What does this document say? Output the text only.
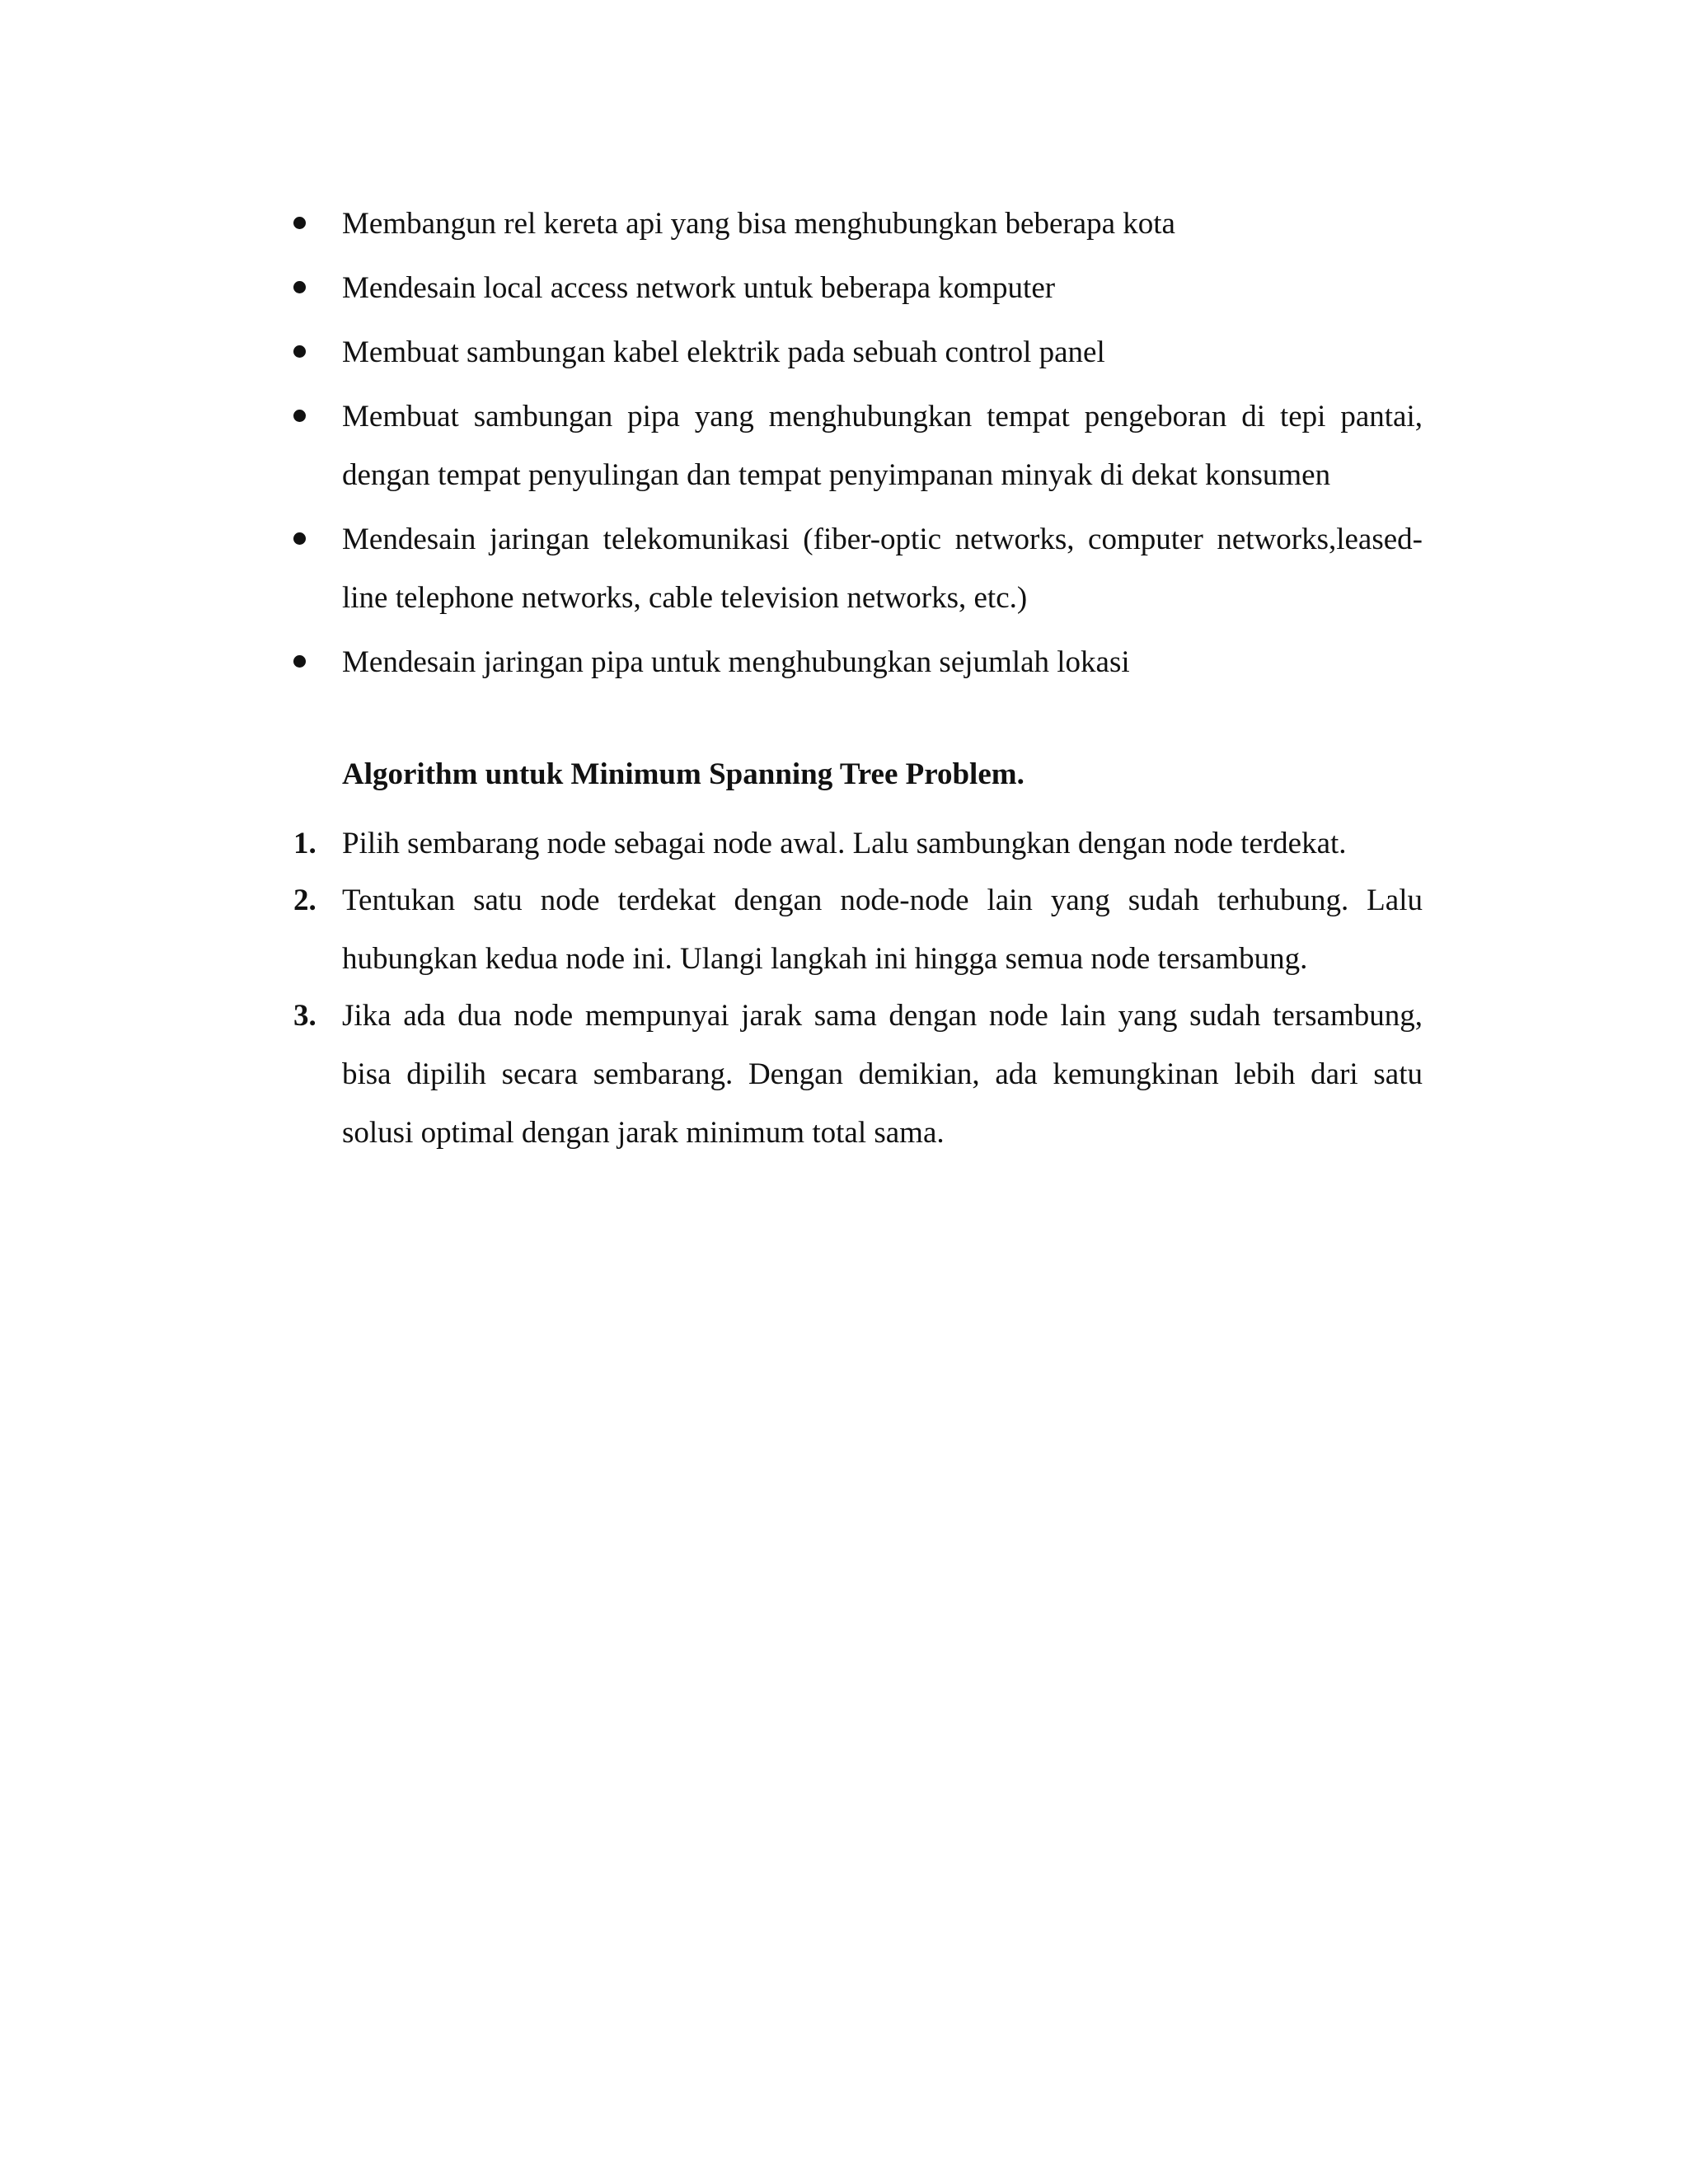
Membangun rel kereta api yang bisa menghubungkan beberapa kota
Mendesain local access network untuk beberapa komputer
Membuat sambungan kabel elektrik pada sebuah control panel
Membuat sambungan pipa yang menghubungkan tempat pengeboran di tepi pantai, dengan tempat penyulingan dan tempat penyimpanan minyak di dekat konsumen
Mendesain jaringan telekomunikasi (fiber-optic networks, computer networks,leased-line telephone networks, cable television networks, etc.)
Mendesain jaringan pipa untuk menghubungkan sejumlah lokasi
Algorithm untuk Minimum Spanning Tree Problem.
1. Pilih sembarang node sebagai node awal. Lalu sambungkan dengan node terdekat.
2. Tentukan satu node terdekat dengan node-node lain yang sudah terhubung. Lalu hubungkan kedua node ini. Ulangi langkah ini hingga semua node tersambung.
3. Jika ada dua node mempunyai jarak sama dengan node lain yang sudah tersambung, bisa dipilih secara sembarang. Dengan demikian, ada kemungkinan lebih dari satu solusi optimal dengan jarak minimum total sama.
